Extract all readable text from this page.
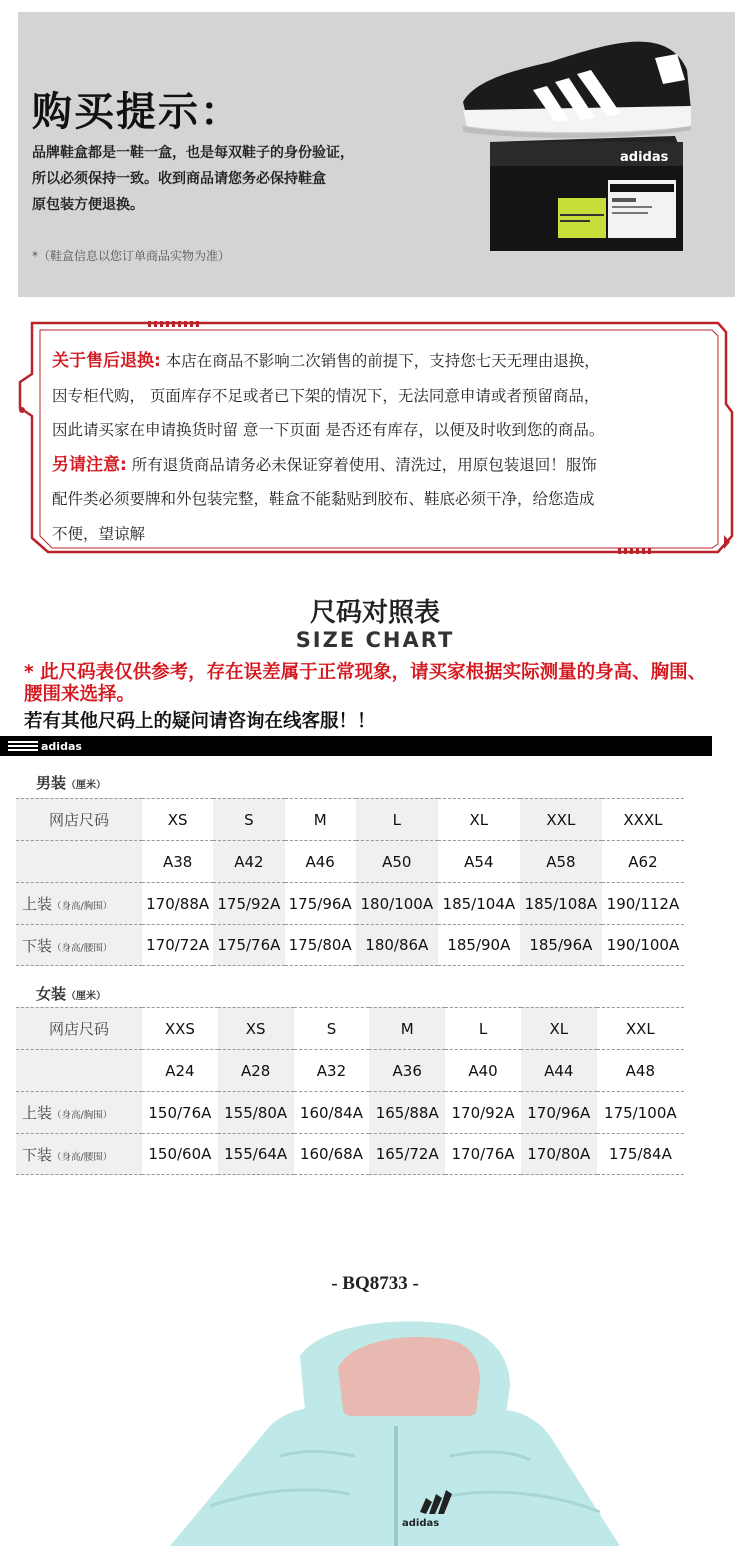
购买提示：
品牌鞋盒都是一鞋一盒，也是每双鞋子的身份验证，
所以必须保持一致。收到商品请您务必保持鞋盒
原包装方便退换。
*（鞋盒信息以您订单商品实物为准）
adidas
关于售后退换: 本店在商品不影响二次销售的前提下，支持您七天无理由退换，
因专柜代购， 页面库存不足或者已下架的情况下，无法同意申请或者预留商品，
因此请买家在申请换货时留 意一下页面 是否还有库存，以便及时收到您的商品。
另请注意: 所有退货商品请务必未保证穿着使用、清洗过，用原包装退回！服饰
配件类必须要牌和外包装完整，鞋盒不能黏贴到胶布、鞋底必须干净，给您造成
不便，望谅解
尺码对照表
SIZE CHART
* 此尺码表仅供参考，存在误差属于正常现象，请买家根据实际测量的身高、胸围、腰围来选择。
若有其他尺码上的疑问请咨询在线客服！！
adidas
男装（厘米）
网店尺码	XS	S	M	L	XL	XXL	XXXL
	A38	A42	A46	A50	A54	A58	A62
上装（身高/胸围）	170/88A	175/92A	175/96A	180/100A	185/104A	185/108A	190/112A
下装（身高/腰围）	170/72A	175/76A	175/80A	180/86A	185/90A	185/96A	190/100A
女装（厘米）
网店尺码	XXS	XS	S	M	L	XL	XXL
	A24	A28	A32	A36	A40	A44	A48
上装（身高/胸围）	150/76A	155/80A	160/84A	165/88A	170/92A	170/96A	175/100A
下装（身高/腰围）	150/60A	155/64A	160/68A	165/72A	170/76A	170/80A	175/84A
- BQ8733 -
adidas
